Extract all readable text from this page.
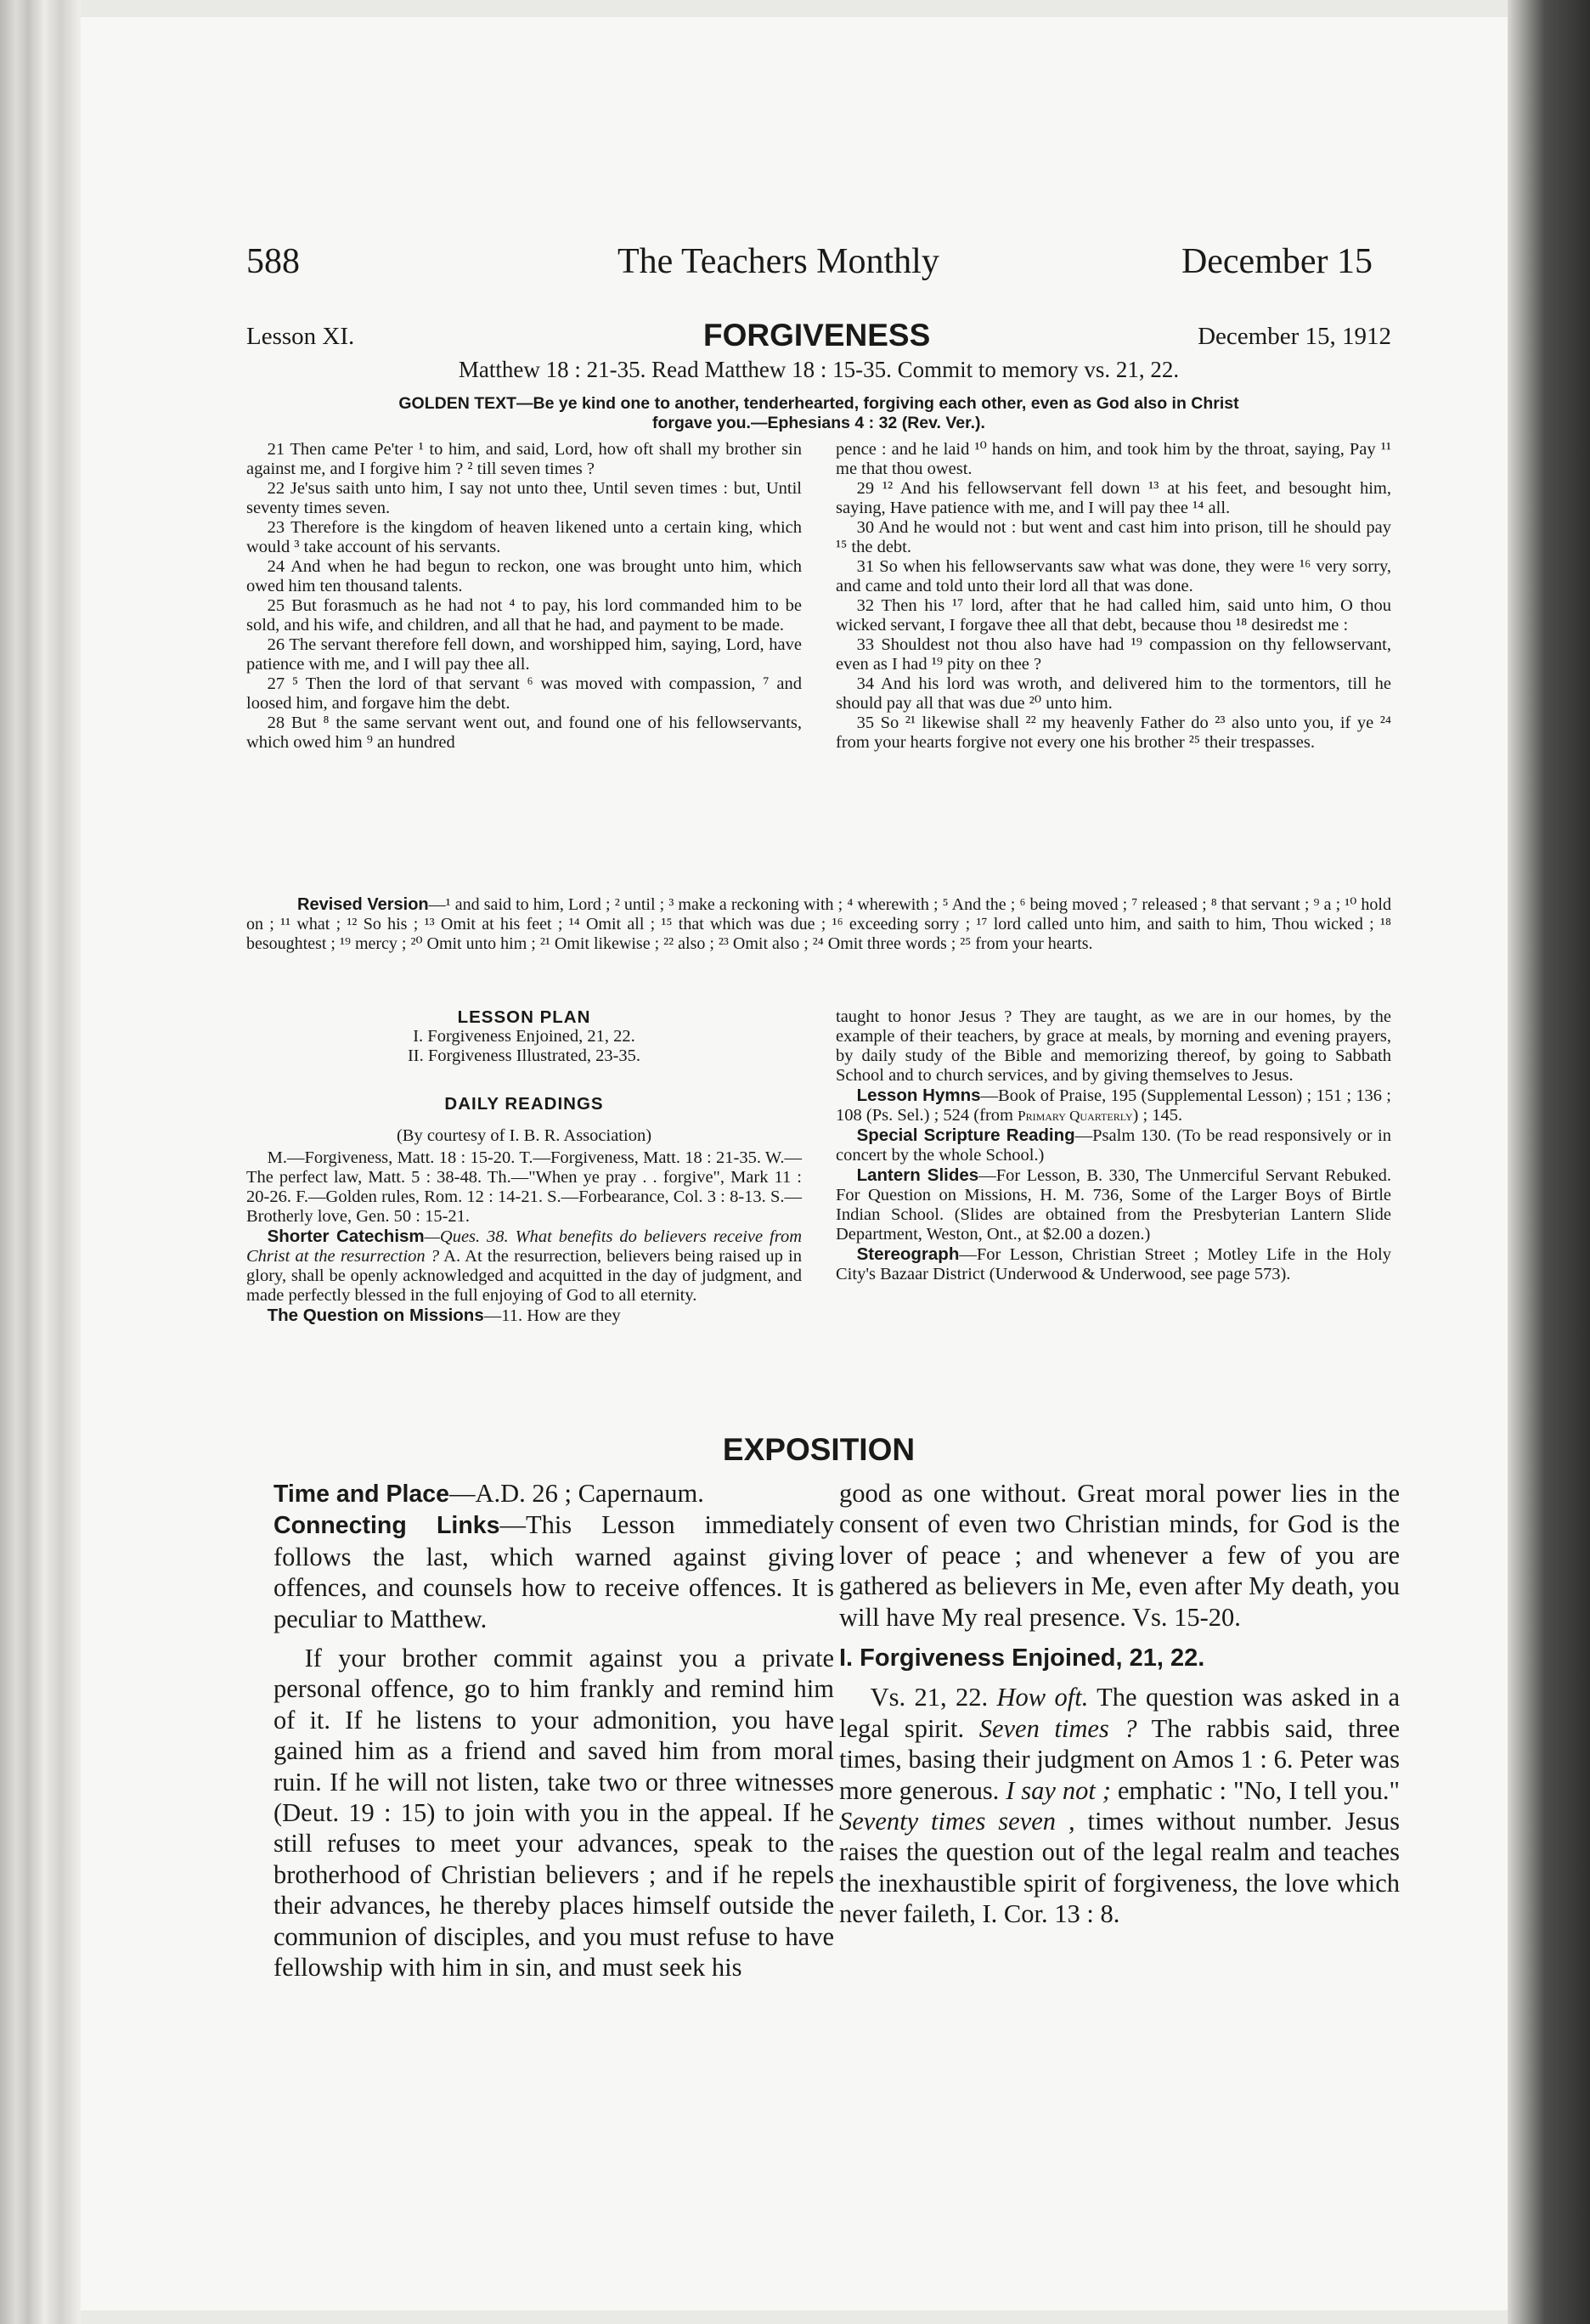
588	The Teachers Monthly	December 15
Lesson XI.	FORGIVENESS	December 15, 1912
Matthew 18 : 21-35. Read Matthew 18 : 15-35. Commit to memory vs. 21, 22.
GOLDEN TEXT—Be ye kind one to another, tenderhearted, forgiving each other, even as God also in Christ
forgave you.—Ephesians 4 : 32 (Rev. Ver.).

21 Then came Pe'ter ¹ to him, and said, Lord, how oft shall my brother sin against me, and I forgive him ? ² till seven times ?

22 Je'sus saith unto him, I say not unto thee, Until seven times : but, Until seventy times seven.

23 Therefore is the kingdom of heaven likened unto a certain king, which would ³ take account of his servants.

24 And when he had begun to reckon, one was brought unto him, which owed him ten thousand talents.

25 But forasmuch as he had not ⁴ to pay, his lord commanded him to be sold, and his wife, and children, and all that he had, and payment to be made.

26 The servant therefore fell down, and worshipped him, saying, Lord, have patience with me, and I will pay thee all.

27 ⁵ Then the lord of that servant ⁶ was moved with compassion, ⁷ and loosed him, and forgave him the debt.

28 But ⁸ the same servant went out, and found one of his fellowservants, which owed him ⁹ an hundred

pence : and he laid ¹⁰ hands on him, and took him by the throat, saying, Pay ¹¹ me that thou owest.

29 ¹² And his fellowservant fell down ¹³ at his feet, and besought him, saying, Have patience with me, and I will pay thee ¹⁴ all.

30 And he would not : but went and cast him into prison, till he should pay ¹⁵ the debt.

31 So when his fellowservants saw what was done, they were ¹⁶ very sorry, and came and told unto their lord all that was done.

32 Then his ¹⁷ lord, after that he had called him, said unto him, O thou wicked servant, I forgave thee all that debt, because thou ¹⁸ desiredst me :

33 Shouldest not thou also have had ¹⁹ compassion on thy fellowservant, even as I had ¹⁹ pity on thee ?

34 And his lord was wroth, and delivered him to the tormentors, till he should pay all that was due ²⁰ unto him.

35 So ²¹ likewise shall ²² my heavenly Father do ²³ also unto you, if ye ²⁴ from your hearts forgive not every one his brother ²⁵ their trespasses.

Revised Version—¹ and said to him, Lord ; ² until ; ³ make a reckoning with ; ⁴ wherewith ; ⁵ And the ; ⁶ being moved ; ⁷ released ; ⁸ that servant ; ⁹ a ; ¹⁰ hold on ; ¹¹ what ; ¹² So his ; ¹³ Omit at his feet ; ¹⁴ Omit all ; ¹⁵ that which was due ; ¹⁶ exceeding sorry ; ¹⁷ lord called unto him, and saith to him, Thou wicked ; ¹⁸ besoughtest ; ¹⁹ mercy ; ²⁰ Omit unto him ; ²¹ Omit likewise ; ²² also ; ²³ Omit also ; ²⁴ Omit three words ; ²⁵ from your hearts.
LESSON PLAN
I. Forgiveness Enjoined, 21, 22.
II. Forgiveness Illustrated, 23-35.
DAILY READINGS
(By courtesy of I. B. R. Association)

M.—Forgiveness, Matt. 18 : 15-20. T.—Forgiveness, Matt. 18 : 21-35. W.—The perfect law, Matt. 5 : 38-48. Th.—"When ye pray . . forgive", Mark 11 : 20-26. F.—Golden rules, Rom. 12 : 14-21. S.—Forbearance, Col. 3 : 8-13. S.—Brotherly love, Gen. 50 : 15-21.

Shorter Catechism—Ques. 38. What benefits do believers receive from Christ at the resurrection ? A. At the resurrection, believers being raised up in glory, shall be openly acknowledged and acquitted in the day of judgment, and made perfectly blessed in the full enjoying of God to all eternity.

The Question on Missions—11. How are they

taught to honor Jesus ? They are taught, as we are in our homes, by the example of their teachers, by grace at meals, by morning and evening prayers, by daily study of the Bible and memorizing thereof, by going to Sabbath School and to church services, and by giving themselves to Jesus.

Lesson Hymns—Book of Praise, 195 (Supplemental Lesson) ; 151 ; 136 ; 108 (Ps. Sel.) ; 524 (from Primary Quarterly) ; 145.

Special Scripture Reading—Psalm 130. (To be read responsively or in concert by the whole School.)

Lantern Slides—For Lesson, B. 330, The Unmerciful Servant Rebuked. For Question on Missions, H. M. 736, Some of the Larger Boys of Birtle Indian School. (Slides are obtained from the Presbyterian Lantern Slide Department, Weston, Ont., at $2.00 a dozen.)

Stereograph—For Lesson, Christian Street ; Motley Life in the Holy City's Bazaar District (Underwood & Underwood, see page 573).

EXPOSITION

Time and Place—A.D. 26 ; Capernaum.

Connecting Links—This Lesson immediately follows the last, which warned against giving offences, and counsels how to receive offences. It is peculiar to Matthew.

If your brother commit against you a private personal offence, go to him frankly and remind him of it. If he listens to your admonition, you have gained him as a friend and saved him from moral ruin. If he will not listen, take two or three witnesses (Deut. 19 : 15) to join with you in the appeal. If he still refuses to meet your advances, speak to the brotherhood of Christian believers ; and if he repels their advances, he thereby places himself outside the communion of disciples, and you must refuse to have fellowship with him in sin, and must seek his

good as one without. Great moral power lies in the consent of even two Christian minds, for God is the lover of peace ; and whenever a few of you are gathered as believers in Me, even after My death, you will have My real presence. Vs. 15-20.

I. Forgiveness Enjoined, 21, 22.

Vs. 21, 22. How oft. The question was asked in a legal spirit. Seven times ? The rabbis said, three times, basing their judgment on Amos 1 : 6. Peter was more generous. I say not ; emphatic : "No, I tell you." Seventy times seven , times without number. Jesus raises the question out of the legal realm and teaches the inexhaustible spirit of forgiveness, the love which never faileth, I. Cor. 13 : 8.
